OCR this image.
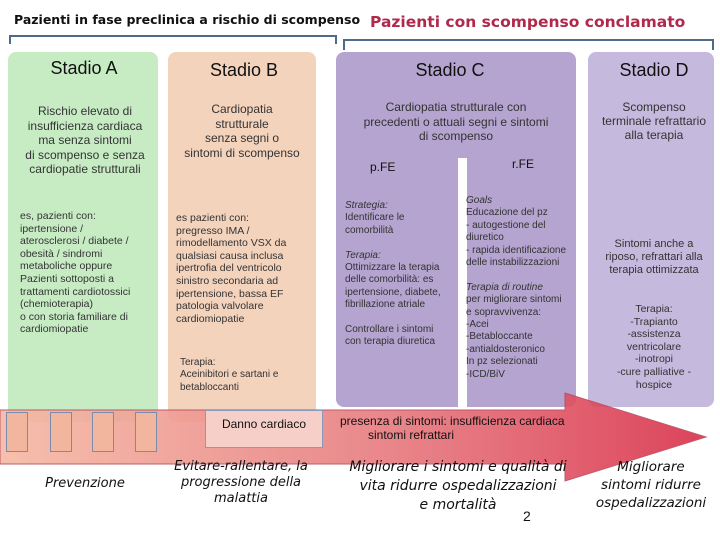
Pazienti in fase preclinica a rischio di scompenso Pazienti con scompenso conclamato
Stadio A	Stadio B	Stadio C	Stadio D
Rischio elevato di
insufficienza cardiaca
ma senza sintomi
di scompenso e senza
cardiopatie strutturali
es, pazienti con:
ipertensione /
aterosclerosi / diabete /
obesità / sindromi
metaboliche oppure
Pazienti sottoposti a
trattamenti cardiotossici
(chemioterapia)
o con storia familiare di
cardiomiopatie
Cardiopatia
strutturale
senza segni o
sintomi di scompenso
es pazienti con:
pregresso IMA /
rimodellamento VSX da
qualsiasi causa inclusa
ipertrofia del ventricolo
sinistro secondaria ad
ipertensione, bassa EF
patologia valvolare
cardiomiopatie
Terapia:
Aceinibitori e sartani e
betabloccanti
Cardiopatia strutturale con
precedenti o attuali segni e sintomi
di scompenso
p.FE	r.FE
Strategia:
Identificare le
comorbilità

Terapia:
Ottimizzare la terapia
delle comorbilità: es
ipertensione, diabete,
fibrillazione atriale

Controllare i sintomi
con terapia diuretica
Goals
Educazione del pz
- autogestione del
diuretico
- rapida identificazione
delle instabilizzazioni

Terapia di routine
per migliorare sintomi
e sopravvivenza:
-Acei
-Betabloccante
-antialdosteronico
In pz selezionati
-ICD/BiV
Scompenso
terminale refrattario
alla terapia
Sintomi anche a
riposo, refrattari alla
terapia ottimizzata
Terapia:
-Trapianto
-assistenza
ventricolare
-inotropi
-cure palliative -
hospice
Danno cardiaco	presenza di sintomi: insufficienza cardiaca
sintomi refrattari
Prevenzione
Evitare-rallentare, la
progressione della
malattia
Migliorare i sintomi e qualità di
vita ridurre ospedalizzazioni
e mortalità
Migliorare
sintomi ridurre
ospedalizzazioni
2
